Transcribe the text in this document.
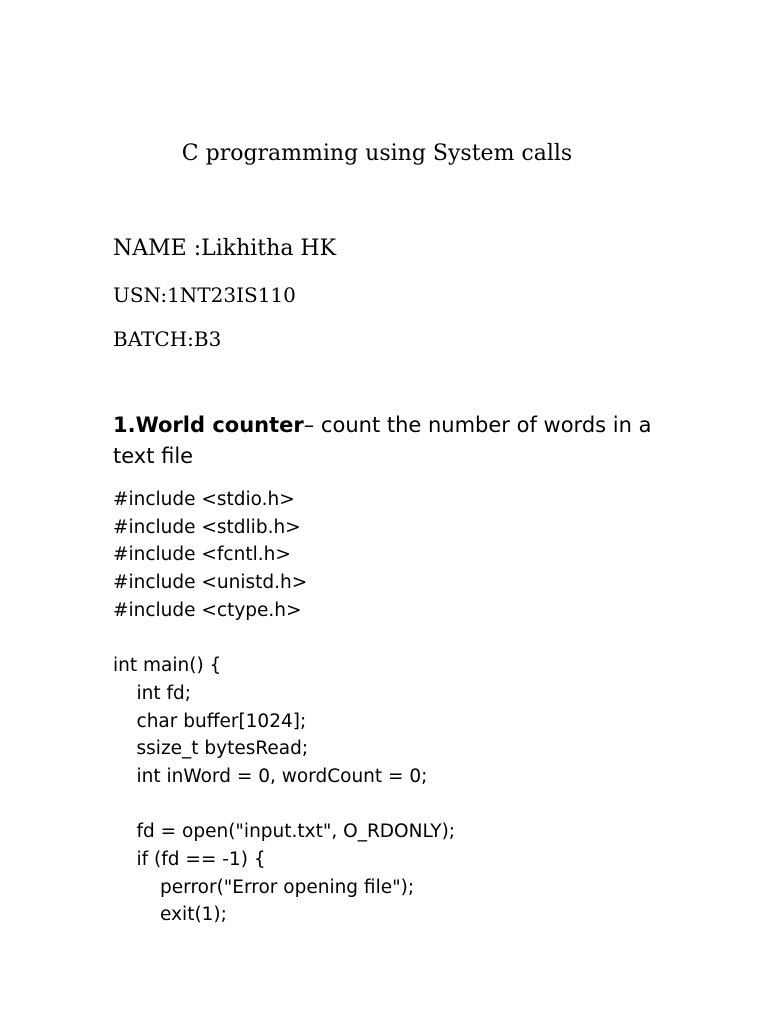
C programming using System calls

NAME :Likhitha HK

USN:1NT23IS110

BATCH:B3

1.World counter– count the number of words in a text file
#include <stdio.h>
#include <stdlib.h>
#include <fcntl.h>
#include <unistd.h>
#include <ctype.h>
int main() {
int fd;
char buffer[1024];
ssize_t bytesRead;
int inWord = 0, wordCount = 0;
fd = open("input.txt", O_RDONLY);
if (fd == -1) {
perror("Error opening file");
exit(1);
